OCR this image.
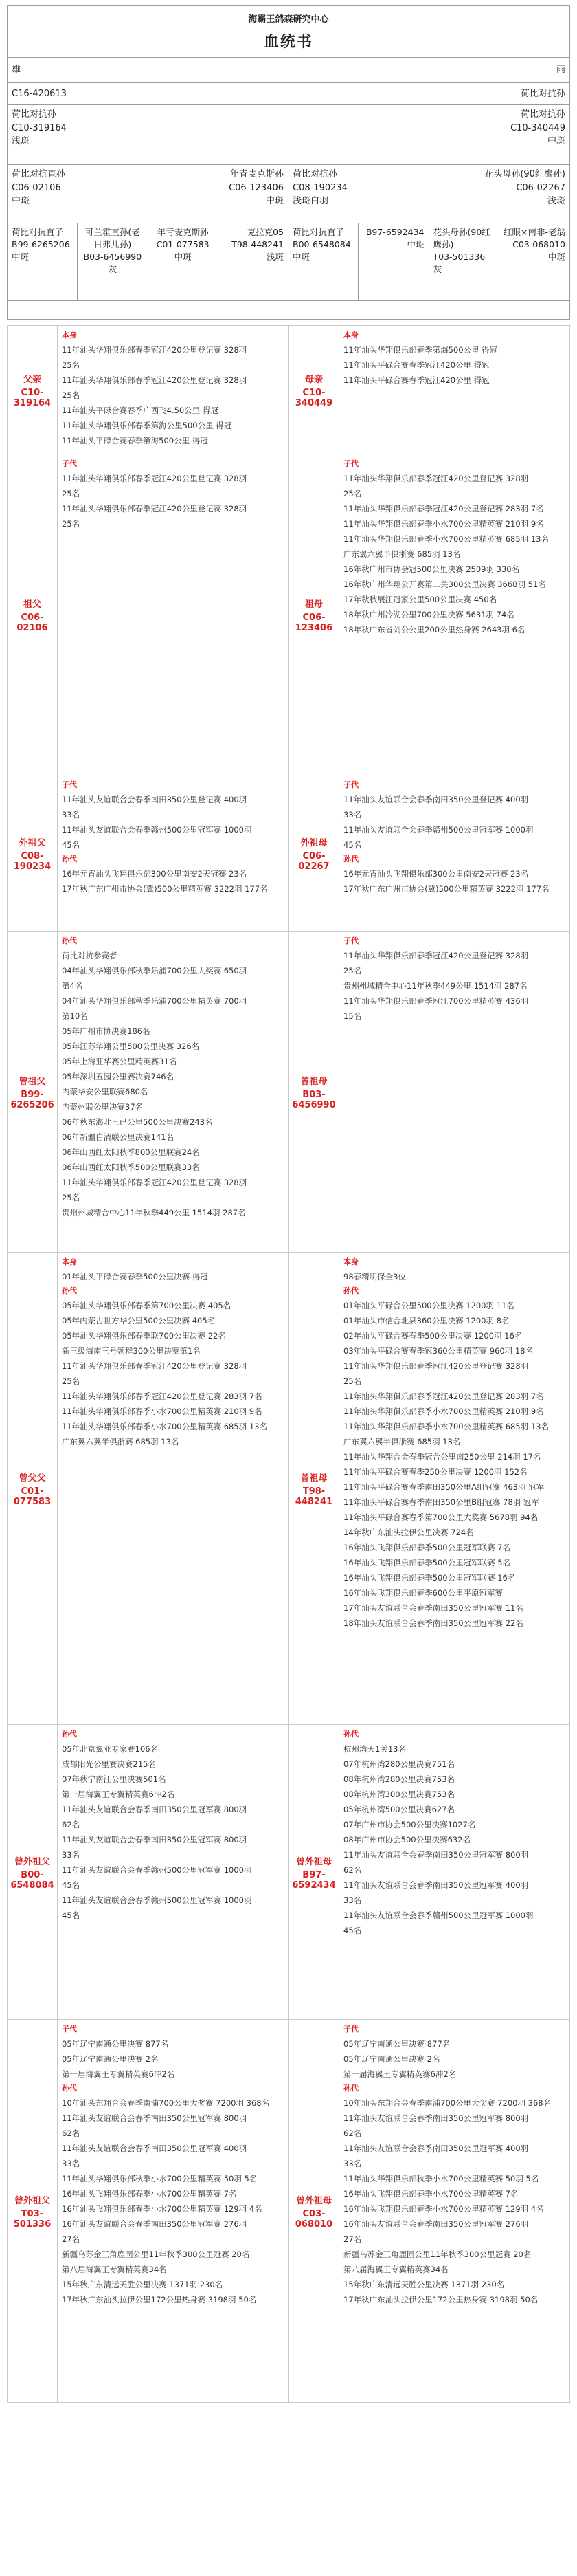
海霸王鸽森研究中心
血统书
雄	雨
C16-420613	荷比对抗孙
荷比对抗孙
C10-319164
浅斑
荷比对抗孙
C10-340449
中斑
荷比对抗直孙
C06-02106
中斑
年青麦克斯孙
C06-123406
中斑
荷比对抗孙
C08-190234
浅斑白羽
花头母孙(90红鹰孙)
C06-02267
浅斑
荷比对抗直子
B99-6265206
中斑
可兰霍直孙(老日弗儿孙)
B03-6456990
灰
年青麦克斯孙
C01-077583
中斑
克拉克05
T98-448241
浅斑
荷比对抗直子
B00-6548084
中斑
B97-6592434
中斑
花头母孙(90红鹰孙)
T03-501336
灰
红眼×南非-老翁
C03-068010
中斑
父亲
C10-319164
本身
11年汕头华翔俱乐部春季冠江420公里登记赛 328羽
25名
11年汕头华翔俱乐部春季冠江420公里登记赛 328羽
25名
11年汕头平碌合赛春季广西飞4.50公里 得冠
11年汕头华翔俱乐部春季第海公里500公里 得冠
11年汕头平碌合赛春季第海500公里 得冠
母亲
C10-340449
本身
11年汕头华翔俱乐部春季第海500公里 得冠
11年汕头平碌合赛春季冠江420公里 得冠
11年汕头平碌合赛春季冠江420公里 得冠
祖父
C06-02106
子代
11年汕头华翔俱乐部春季冠江420公里登记赛 328羽
25名
11年汕头华翔俱乐部春季冠江420公里登记赛 328羽
25名
祖母
C06-123406
子代
11年汕头华翔俱乐部春季冠江420公里登记赛 328羽
25名
11年汕头华翔俱乐部春季冠江420公里登记赛 283羽 7名
11年汕头华翔俱乐部春季小水700公里精英赛 210羽 9名
11年汕头华翔俱乐部春季小水700公里精英赛 685羽 13名
广东翼六翼半俱浙赛 685羽 13名
16年秋广州市协会冠500公里决赛 2509羽 330名
16年秋广州华翔公开赛第二关300公里决赛 3668羽 51名
17年秋秋展江冠家公里500公里决赛 450名
18年秋广州冷湖公里700公里决赛 5631羽 74名
18年秋广东省刘公公里200公里热身赛 2643羽 6名
外祖父
C08-190234
子代
11年汕头友谊联合会春季南田350公里登记赛 400羽
33名
11年汕头友谊联合会春季赣州500公里冠军赛 1000羽
45名
孙代
16年元宵汕头飞翔俱乐部300公里南安2天冠赛 23名
17年秋广东广州市协会(冀)500公里精英赛 3222羽 177名
外祖母
C06-02267
子代
11年汕头友谊联合会春季南田350公里登记赛 400羽
33名
11年汕头友谊联合会春季赣州500公里冠军赛 1000羽
45名
孙代
16年元宵汕头飞翔俱乐部300公里南安2天冠赛 23名
17年秋广东广州市协会(冀)500公里精英赛 3222羽 177名
曾祖父
B99-6265206
孙代
荷比对抗参赛者
04年汕头华翔俱乐部秋季乐浦700公里大奖赛 650羽
第4名
04年汕头华翔俱乐部秋季乐浦700公里精英赛 700羽
第10名
05年广州市协决赛186名
05年江苏华翔公里500公里决赛 326名
05年上海亚华赛公里精英赛31名
05年深圳五园公里赛决赛746名
内蒙华安公里联赛680名
内蒙州联公里决赛37名
06年秋东海北三已公里500公里决赛243名
06年新疆白清联公里决赛141名
06年山西红太阳秋季800公里联赛24名
06年山西红太阳秋季500公里联赛33名
11年汕头华翔俱乐部春季冠江420公里登记赛 328羽
25名
贵州州城精合中心11年秋季449公里 1514羽 287名
曾祖母
B03-6456990
子代
11年汕头华翔俱乐部春季冠江420公里登记赛 328羽
25名
贵州州城精合中心11年秋季449公里 1514羽 287名
11年汕头华翔俱乐部春季冠江700公里精英赛 436羽
15名
曾父父
C01-077583
本身
01年汕头平碌合赛春季500公里决赛 得冠
孙代
05年汕头华翔俱乐部春季第700公里决赛 405名
05年内蒙古世方华公里500公里决赛 405名
05年汕头华翔俱乐部春季联700公里决赛 22名
新三级海南三号领群300公里决赛第1名
11年汕头华翔俱乐部春季冠江420公里登记赛 328羽
25名
11年汕头华翔俱乐部春季冠江420公里登记赛 283羽 7名
11年汕头华翔俱乐部春季小水700公里精英赛 210羽 9名
11年汕头华翔俱乐部春季小水700公里精英赛 685羽 13名
广东翼六翼半俱浙赛 685羽 13名
曾祖母
T98-448241
本身
98春精明保全3位
孙代
01年汕头平碌合公里500公里决赛 1200羽 11名
01年汕头市信合北县360公里决赛 1200羽 8名
02年汕头平碌合赛春季500公里决赛 1200羽 16名
03年汕头平碌合赛春季冠360公里精英赛 960羽 18名
11年汕头华翔俱乐部春季冠江420公里登记赛 328羽
25名
11年汕头华翔俱乐部春季冠江420公里登记赛 283羽 7名
11年汕头华翔俱乐部春季小水700公里精英赛 210羽 9名
11年汕头华翔俱乐部春季小水700公里精英赛 685羽 13名
广东翼六翼半俱浙赛 685羽 13名
11年汕头华翔合会春季冠合公里南250公里 214羽 17名
11年汕头平碌合赛春季250公里决赛 1200羽 152名
11年汕头平碌合赛春季南田350公里A组冠赛 463羽 冠军
11年汕头平碌合赛春季南田350公里B组冠赛 78羽 冠军
11年汕头平碌合赛春季第700公里大奖赛 5678羽 94名
14年秋广东汕头拉伊公里决赛 724名
16年汕头飞翔俱乐部春季500公里冠军联赛 7名
16年汕头飞翔俱乐部春季500公里冠军联赛 5名
16年汕头飞翔俱乐部春季500公里冠军联赛 16名
16年汕头飞翔俱乐部春季600公里平原冠军赛
17年汕头友谊联合会春季南田350公里冠军赛 11名
18年汕头友谊联合会春季南田350公里冠军赛 22名
曾外祖父
B00-6548084
孙代
05年北京翼亚专家赛106名
成都阳光公里赛决赛215名
07年秋宁南江公里决赛501名
第一届海翼王专翼精英赛6冲2名
11年汕头友谊联合会春季南田350公里冠军赛 800羽
62名
11年汕头友谊联合会春季南田350公里冠军赛 800羽
33名
11年汕头友谊联合会春季赣州500公里冠军赛 1000羽
45名
11年汕头友谊联合会春季赣州500公里冠军赛 1000羽
45名
曾外祖母
B97-6592434
孙代
杭州湾天1关13名
07年杭州湾280公里决赛751名
08年杭州湾280公里决赛753名
08年杭州湾300公里决赛753名
05年杭州湾500公里决赛627名
07年广州市协会500公里决赛1027名
08年广州市协会500公里决赛632名
11年汕头友谊联合会春季南田350公里冠军赛 800羽
62名
11年汕头友谊联合会春季南田350公里冠军赛 400羽
33名
11年汕头友谊联合会春季赣州500公里冠军赛 1000羽
45名
曾外祖父
T03-501336
子代
05年辽宁南通公里决赛 877名
05年辽宁南通公里决赛 2名
第一届海翼王专翼精英赛6冲2名
孙代
10年汕头东翔合会春季南浦700公里大奖赛 7200羽 368名
11年汕头友谊联合会春季南田350公里冠军赛 800羽
62名
11年汕头友谊联合会春季南田350公里冠军赛 400羽
33名
11年汕头华翔俱乐部秋季小水700公里精英赛 50羽 5名
16年汕头飞翔俱乐部春季小水700公里精英赛 7名
16年汕头飞翔俱乐部春季小水700公里精英赛 129羽 4名
16年汕头友谊联合会春季南田350公里冠军赛 276羽
27名
新疆乌苏金三角鹿园公里11年秋季300公里冠赛 20名
第八届海翼王专翼精英赛34名
15年秋广东清远天胜公里决赛 1371羽 230名
17年秋广东汕头拉伊公里172公里热身赛 3198羽 50名
曾外祖母
C03-068010
子代
05年辽宁南通公里决赛 877名
05年辽宁南通公里决赛 2名
第一届海翼王专翼精英赛6冲2名
孙代
10年汕头东翔合会春季南浦700公里大奖赛 7200羽 368名
11年汕头友谊联合会春季南田350公里冠军赛 800羽
62名
11年汕头友谊联合会春季南田350公里冠军赛 400羽
33名
11年汕头华翔俱乐部秋季小水700公里精英赛 50羽 5名
16年汕头飞翔俱乐部春季小水700公里精英赛 7名
16年汕头飞翔俱乐部春季小水700公里精英赛 129羽 4名
16年汕头友谊联合会春季南田350公里冠军赛 276羽
27名
新疆乌苏金三角鹿园公里11年秋季300公里冠赛 20名
第八届海翼王专翼精英赛34名
15年秋广东清远天胜公里决赛 1371羽 230名
17年秋广东汕头拉伊公里172公里热身赛 3198羽 50名
